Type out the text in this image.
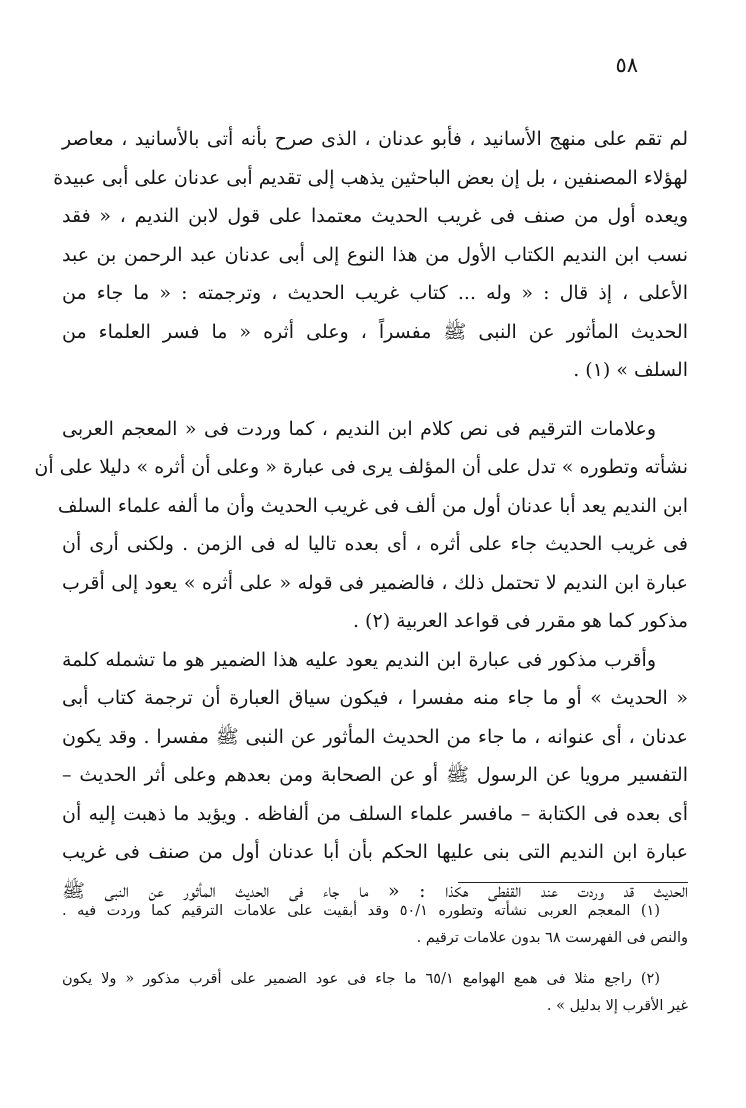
٥٨
لم تقم على منهج الأسانيد ، فأبو عدنان ، الذى صرح بأنه أتى بالأسانيد ، معاصر
لهؤلاء المصنفين ، بل إن بعض الباحثين يذهب إلى تقديم أبى عدنان على أبى عبيدة
ويعده أول من صنف فى غريب الحديث معتمدا على قول لابن النديم ، « فقد
نسب ابن النديم الكتاب الأول من هذا النوع إلى أبى عدنان عبد الرحمن بن عبد
الأعلى ، إذ قال : « وله ... كتاب غريب الحديث ، وترجمته : « ما جاء من
الحديث المأثور عن النبى ﷺ مفسراً ، وعلى أثره « ما فسر العلماء من
السلف » (١) .
وعلامات الترقيم فى نص كلام ابن النديم ، كما وردت فى « المعجم العربى
نشأته وتطوره » تدل على أن المؤلف يرى فى عبارة « وعلى أن أثره » دليلا على أن
ابن النديم يعد أبا عدنان أول من ألف فى غريب الحديث وأن ما ألفه علماء السلف
فى غريب الحديث جاء على أثره ، أى بعده تاليا له فى الزمن . ولكنى أرى أن
عبارة ابن النديم لا تحتمل ذلك ، فالضمير فى قوله « على أثره » يعود إلى أقرب
مذكور كما هو مقرر فى قواعد العربية (٢) .
وأقرب مذكور فى عبارة ابن النديم يعود عليه هذا الضمير هو ما تشمله كلمة
« الحديث » أو ما جاء منه مفسرا ، فيكون سياق العبارة أن ترجمة كتاب أبى
عدنان ، أى عنوانه ، ما جاء من الحديث المأثور عن النبى ﷺ مفسرا . وقد يكون
التفسير مرويا عن الرسول ﷺ أو عن الصحابة ومن بعدهم وعلى أثر الحديث –
أى بعده فى الكتابة – مافسر علماء السلف من ألفاظه . ويؤيد ما ذهبت إليه أن
عبارة ابن النديم التى بنى عليها الحكم بأن أبا عدنان أول من صنف فى غريب
الحديث قد وردت عند القفطى هكذا : « ما جاء فى الحديث المأثور عن النبى ﷺ
(١) المعجم العربى نشأته وتطوره ٥٠/١ وقد أبقيت على علامات الترقيم كما وردت فيه .
والنص فى الفهرست ٦٨ بدون علامات ترقيم .
(٢) راجع مثلا فى همع الهوامع ٦٥/١ ما جاء فى عود الضمير على أقرب مذكور « ولا يكون
غير الأقرب إلا بدليل » .
